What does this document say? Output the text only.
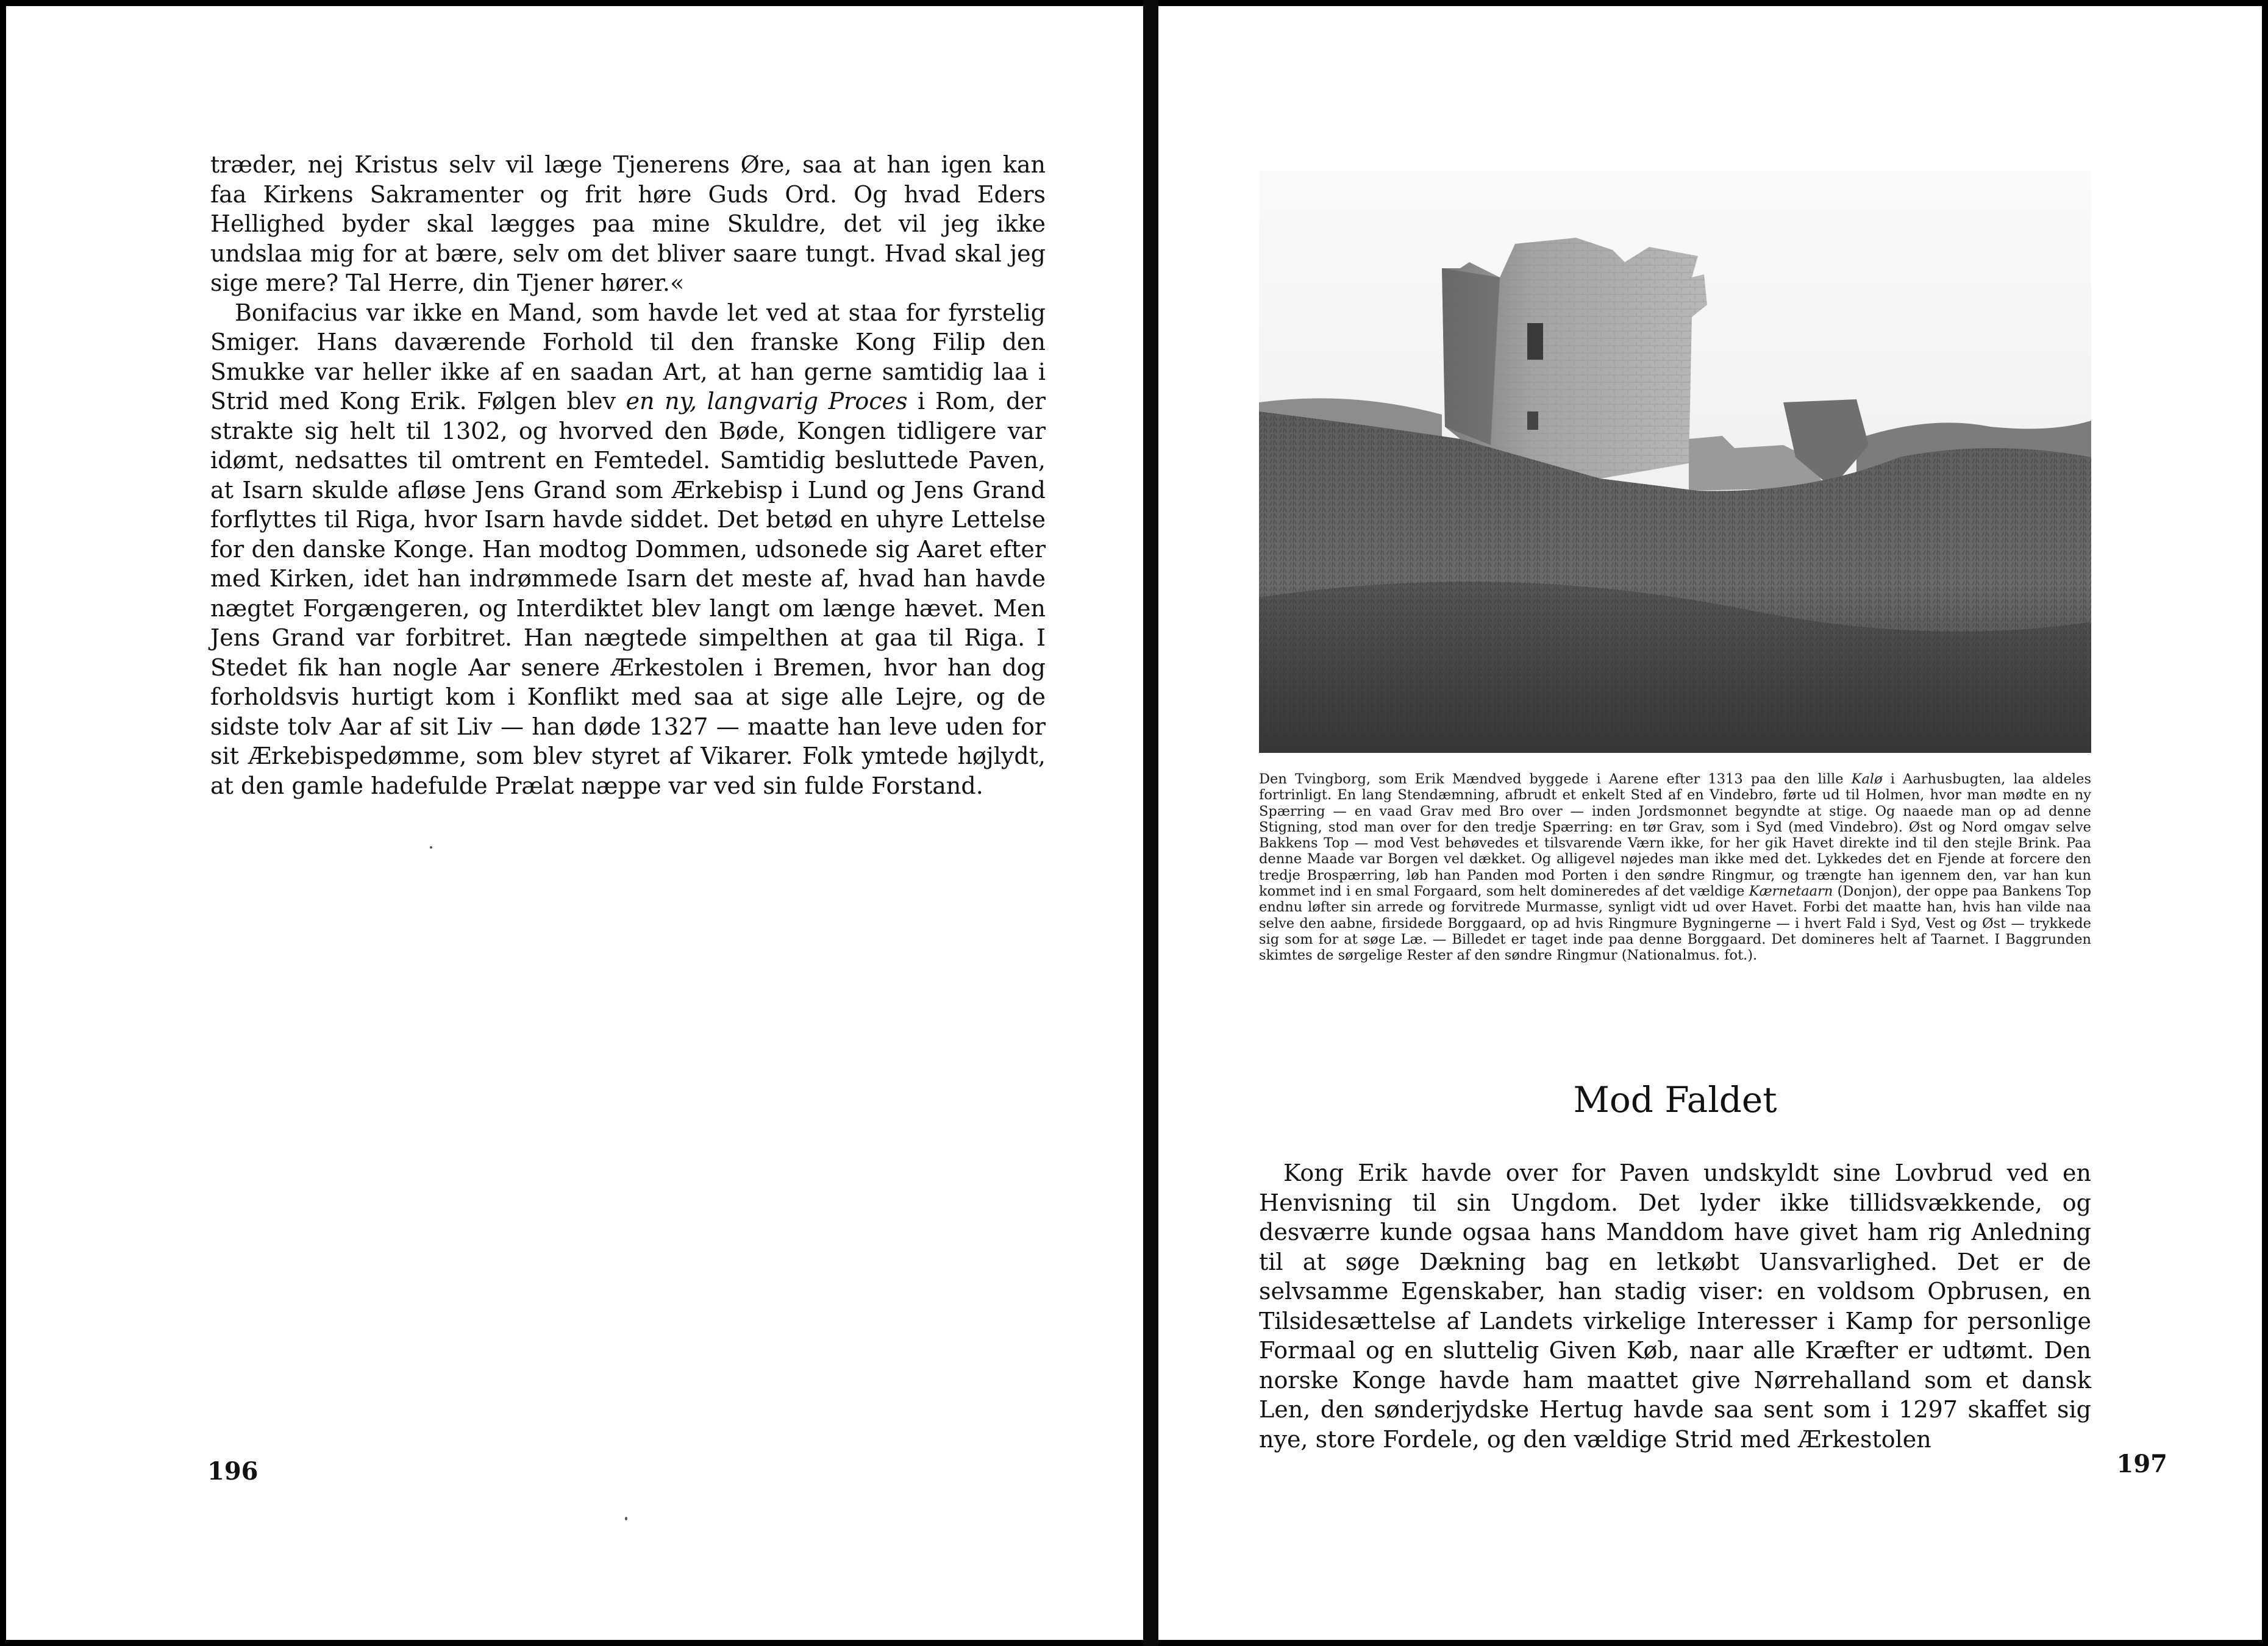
træder, nej Kristus selv vil læge Tjenerens Øre, saa at han igen kan faa Kirkens Sakramenter og frit høre Guds Ord. Og hvad Eders Hellighed byder skal lægges paa mine Skuldre, det vil jeg ikke undslaa mig for at bære, selv om det bliver saare tungt. Hvad skal jeg sige mere? Tal Herre, din Tjener hører.«

Bonifacius var ikke en Mand, som havde let ved at staa for fyrstelig Smiger. Hans daværende Forhold til den franske Kong Filip den Smukke var heller ikke af en saadan Art, at han gerne samtidig laa i Strid med Kong Erik. Følgen blev en ny, langvarig Proces i Rom, der strakte sig helt til 1302, og hvorved den Bøde, Kongen tidligere var idømt, nedsattes til omtrent en Femtedel. Samtidig besluttede Paven, at Isarn skulde afløse Jens Grand som Ærkebisp i Lund og Jens Grand forflyttes til Riga, hvor Isarn havde siddet. Det betød en uhyre Lettelse for den danske Konge. Han modtog Dommen, udsonede sig Aaret efter med Kirken, idet han indrømmede Isarn det meste af, hvad han havde nægtet Forgængeren, og Interdiktet blev langt om længe hævet. Men Jens Grand var forbitret. Han nægtede simpelthen at gaa til Riga. I Stedet fik han nogle Aar senere Ærkestolen i Bremen, hvor han dog forholdsvis hurtigt kom i Konflikt med saa at sige alle Lejre, og de sidste tolv Aar af sit Liv — han døde 1327 — maatte han leve uden for sit Ærkebispedømme, som blev styret af Vikarer. Folk ymtede højlydt, at den gamle hadefulde Prælat næppe var ved sin fulde Forstand.

196

Den Tvingborg, som Erik Mændved byggede i Aarene efter 1313 paa den lille Kalø i Aarhusbugten, laa aldeles fortrinligt. En lang Stendæmning, afbrudt et enkelt Sted af en Vindebro, førte ud til Holmen, hvor man mødte en ny Spærring — en vaad Grav med Bro over — inden Jordsmonnet begyndte at stige. Og naaede man op ad denne Stigning, stod man over for den tredje Spærring: en tør Grav, som i Syd (med Vindebro). Øst og Nord omgav selve Bakkens Top — mod Vest behøvedes et tilsvarende Værn ikke, for her gik Havet direkte ind til den stejle Brink. Paa denne Maade var Borgen vel dækket. Og alligevel nøjedes man ikke med det. Lykkedes det en Fjende at forcere den tredje Brospærring, løb han Panden mod Porten i den søndre Ringmur, og trængte han igennem den, var han kun kommet ind i en smal Forgaard, som helt domineredes af det vældige Kærnetaarn (Donjon), der oppe paa Bankens Top endnu løfter sin arrede og forvitrede Murmasse, synligt vidt ud over Havet. Forbi det maatte han, hvis han vilde naa selve den aabne, firsidede Borggaard, op ad hvis Ringmure Bygningerne — i hvert Fald i Syd, Vest og Øst — trykkede sig som for at søge Læ. — Billedet er taget inde paa denne Borggaard. Det domineres helt af Taarnet. I Baggrunden skimtes de sørgelige Rester af den søndre Ringmur (Nationalmus. fot.).

Mod Faldet

Kong Erik havde over for Paven undskyldt sine Lovbrud ved en Henvisning til sin Ungdom. Det lyder ikke tillidsvækkende, og desværre kunde ogsaa hans Manddom have givet ham rig Anledning til at søge Dækning bag en letkøbt Uansvarlighed. Det er de selvsamme Egenskaber, han stadig viser: en voldsom Opbrusen, en Tilsidesættelse af Landets virkelige Interesser i Kamp for personlige Formaal og en sluttelig Given Køb, naar alle Kræfter er udtømt. Den norske Konge havde ham maattet give Nørrehalland som et dansk Len, den sønderjydske Hertug havde saa sent som i 1297 skaffet sig nye, store Fordele, og den vældige Strid med Ærkestolen

197
